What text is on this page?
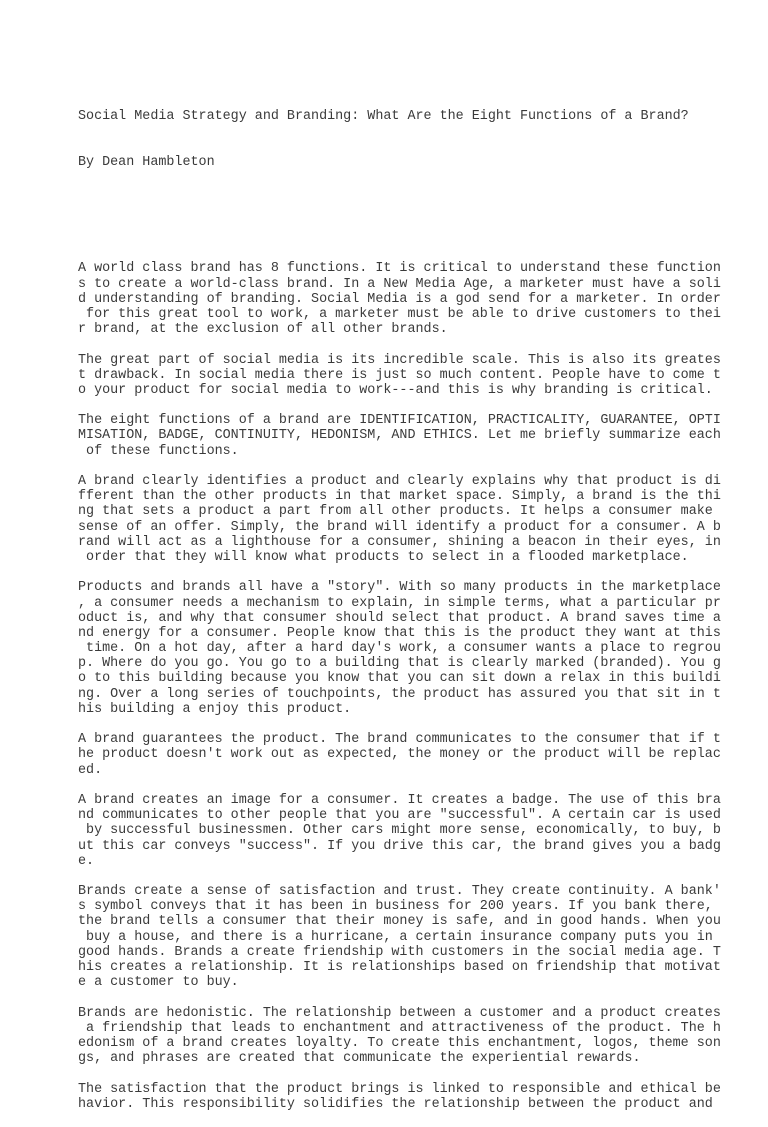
Social Media Strategy and Branding: What Are the Eight Functions of a Brand?

By Dean Hambleton

A world class brand has 8 functions. It is critical to understand these function
s to create a world-class brand. In a New Media Age, a marketer must have a soli
d understanding of branding. Social Media is a god send for a marketer. In order
for this great tool to work, a marketer must be able to drive customers to thei
r brand, at the exclusion of all other brands.
The great part of social media is its incredible scale. This is also its greates
t drawback. In social media there is just so much content. People have to come t
o your product for social media to work---and this is why branding is critical.
The eight functions of a brand are IDENTIFICATION, PRACTICALITY, GUARANTEE, OPTI
MISATION, BADGE, CONTINUITY, HEDONISM, AND ETHICS. Let me briefly summarize each
of these functions.
A brand clearly identifies a product and clearly explains why that product is di
fferent than the other products in that market space. Simply, a brand is the thi
ng that sets a product a part from all other products. It helps a consumer make
sense of an offer. Simply, the brand will identify a product for a consumer. A b
rand will act as a lighthouse for a consumer, shining a beacon in their eyes, in
order that they will know what products to select in a flooded marketplace.
Products and brands all have a "story". With so many products in the marketplace
, a consumer needs a mechanism to explain, in simple terms, what a particular pr
oduct is, and why that consumer should select that product. A brand saves time a
nd energy for a consumer. People know that this is the product they want at this
time. On a hot day, after a hard day's work, a consumer wants a place to regrou
p. Where do you go. You go to a building that is clearly marked (branded). You g
o to this building because you know that you can sit down a relax in this buildi
ng. Over a long series of touchpoints, the product has assured you that sit in t
his building a enjoy this product.
A brand guarantees the product. The brand communicates to the consumer that if t
he product doesn't work out as expected, the money or the product will be replac
ed.
A brand creates an image for a consumer. It creates a badge. The use of this bra
nd communicates to other people that you are "successful". A certain car is used
by successful businessmen. Other cars might more sense, economically, to buy, b
ut this car conveys "success". If you drive this car, the brand gives you a badg
e.
Brands create a sense of satisfaction and trust. They create continuity. A bank'
s symbol conveys that it has been in business for 200 years. If you bank there,
the brand tells a consumer that their money is safe, and in good hands. When you
buy a house, and there is a hurricane, a certain insurance company puts you in
good hands. Brands a create friendship with customers in the social media age. T
his creates a relationship. It is relationships based on friendship that motivat
e a customer to buy.
Brands are hedonistic. The relationship between a customer and a product creates
a friendship that leads to enchantment and attractiveness of the product. The h
edonism of a brand creates loyalty. To create this enchantment, logos, theme son
gs, and phrases are created that communicate the experiential rewards.
The satisfaction that the product brings is linked to responsible and ethical be
havior. This responsibility solidifies the relationship between the product and
